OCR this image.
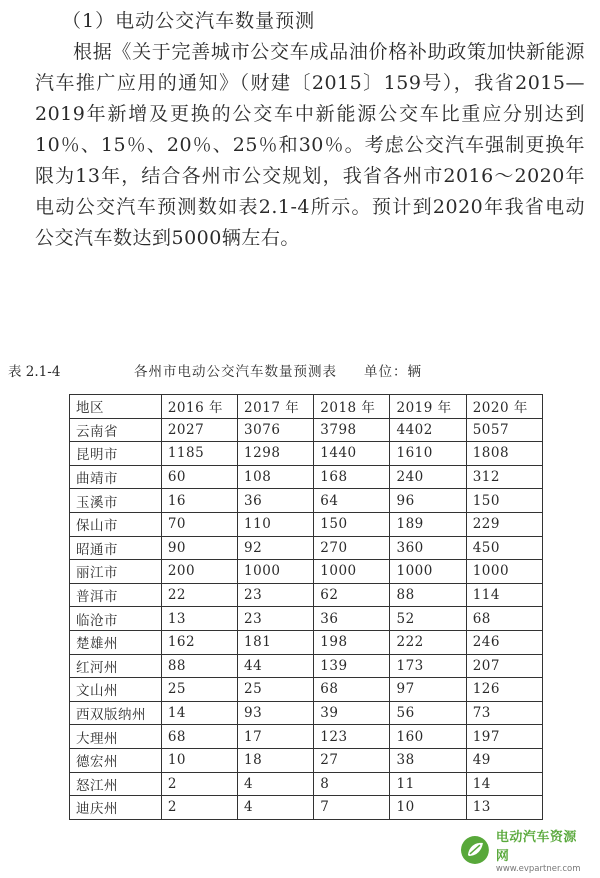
（1）电动公交汽车数量预测

根据《关于完善城市公交车成品油价格补助政策加快新能源汽车推广应用的通知》（财建〔2015〕159号），我省2015—2019年新增及更换的公交车中新能源公交车比重应分别达到10％、15％、20％、25％和30％。考虑公交汽车强制更换年限为13年，结合各州市公交规划，我省各州市2016～2020年电动公交汽车预测数如表2.1-4所示。预计到2020年我省电动公交汽车数达到5000辆左右。

表 2.1-4	各州市电动公交汽车数量预测表 单位：辆
地区	2016 年	2017 年	2018 年	2019 年	2020 年
云南省	2027	3076	3798	4402	5057
昆明市	1185	1298	1440	1610	1808
曲靖市	60	108	168	240	312
玉溪市	16	36	64	96	150
保山市	70	110	150	189	229
昭通市	90	92	270	360	450
丽江市	200	1000	1000	1000	1000
普洱市	22	23	62	88	114
临沧市	13	23	36	52	68
楚雄州	162	181	198	222	246
红河州	88	44	139	173	207
文山州	25	25	68	97	126
西双版纳州	14	93	39	56	73
大理州	68	17	123	160	197
德宏州	10	18	27	38	49
怒江州	2	4	8	11	14
迪庆州	2	4	7	10	13
电动汽车资源网
www.evpartner.com
